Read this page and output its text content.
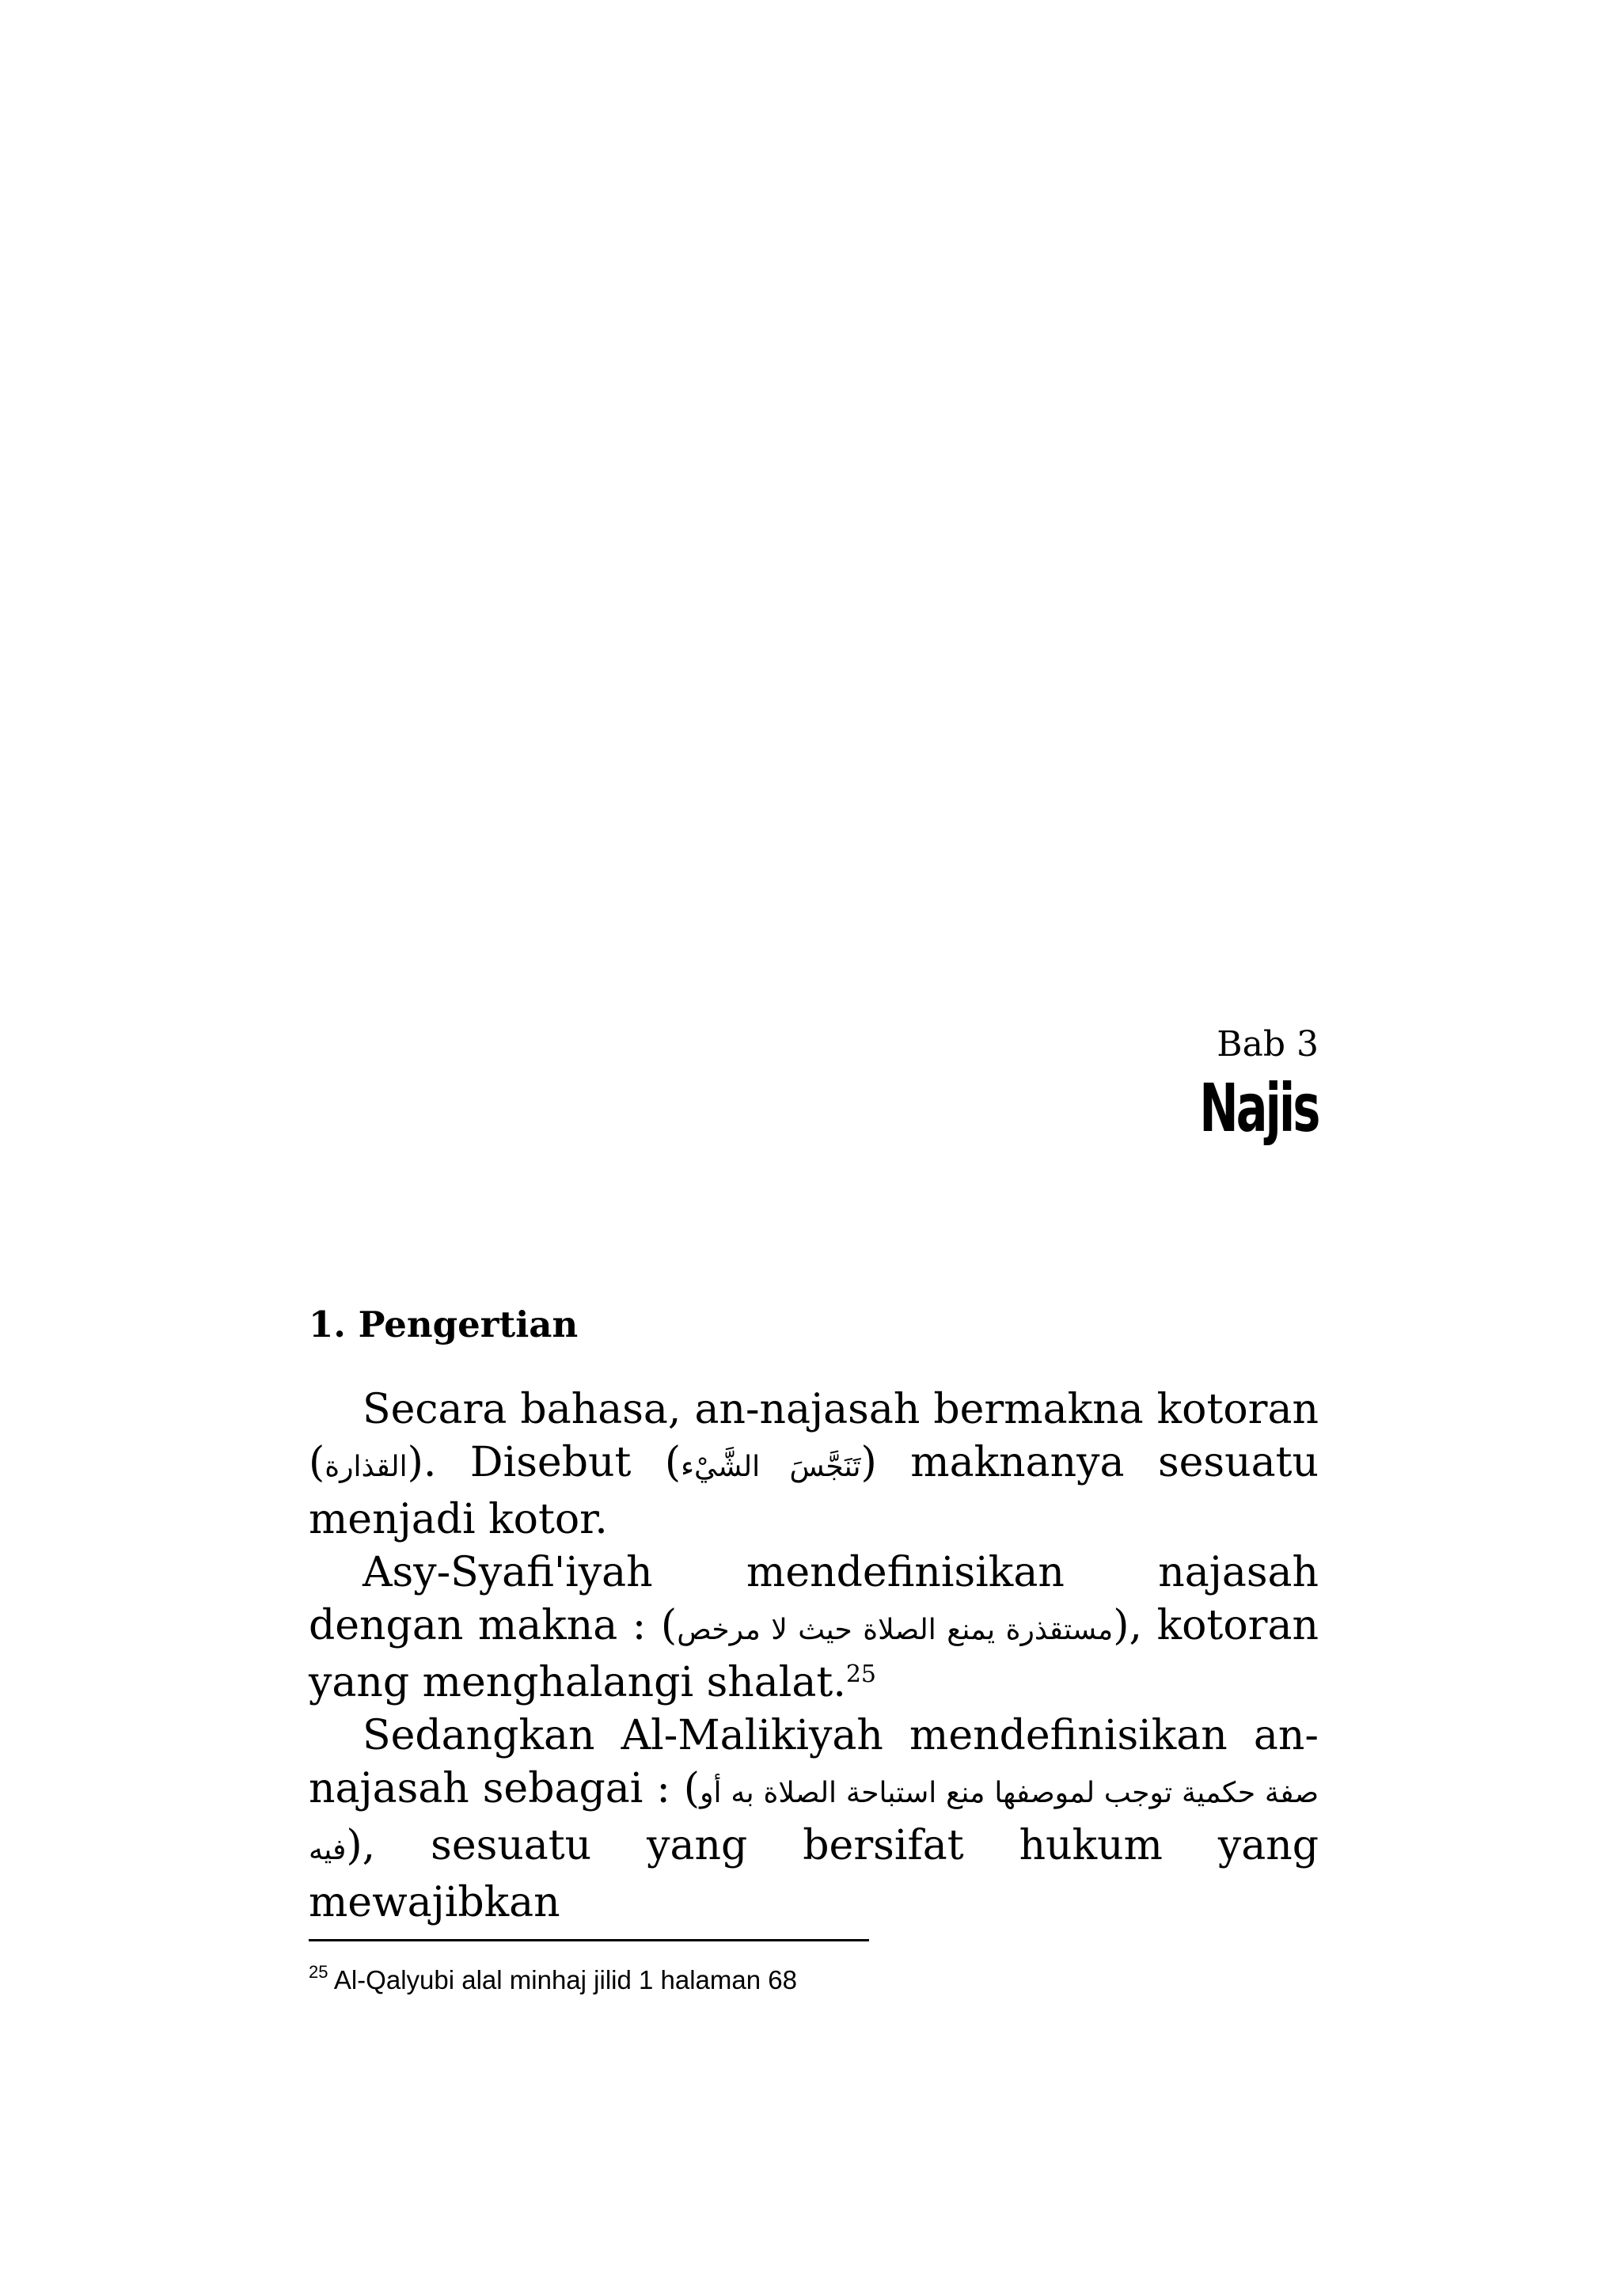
Bab 3
Najis
1. Pengertian

Secara bahasa, an-najasah bermakna kotoran (القذارة). Disebut (تَنَجَّسَ الشَّيْء) maknanya sesuatu menjadi kotor.

Asy-Syafi'iyah mendefinisikan najasah dengan makna : (مستقذرة يمنع الصلاة حيث لا مرخص), kotoran yang menghalangi shalat.$^{25}$

Sedangkan Al-Malikiyah mendefinisikan an-najasah sebagai : (صفة حكمية توجب لموصفها منع استباحة الصلاة به أو فيه), sesuatu yang bersifat hukum yang mewajibkan

$^{25}$ Al-Qalyubi alal minhaj jilid 1 halaman 68
